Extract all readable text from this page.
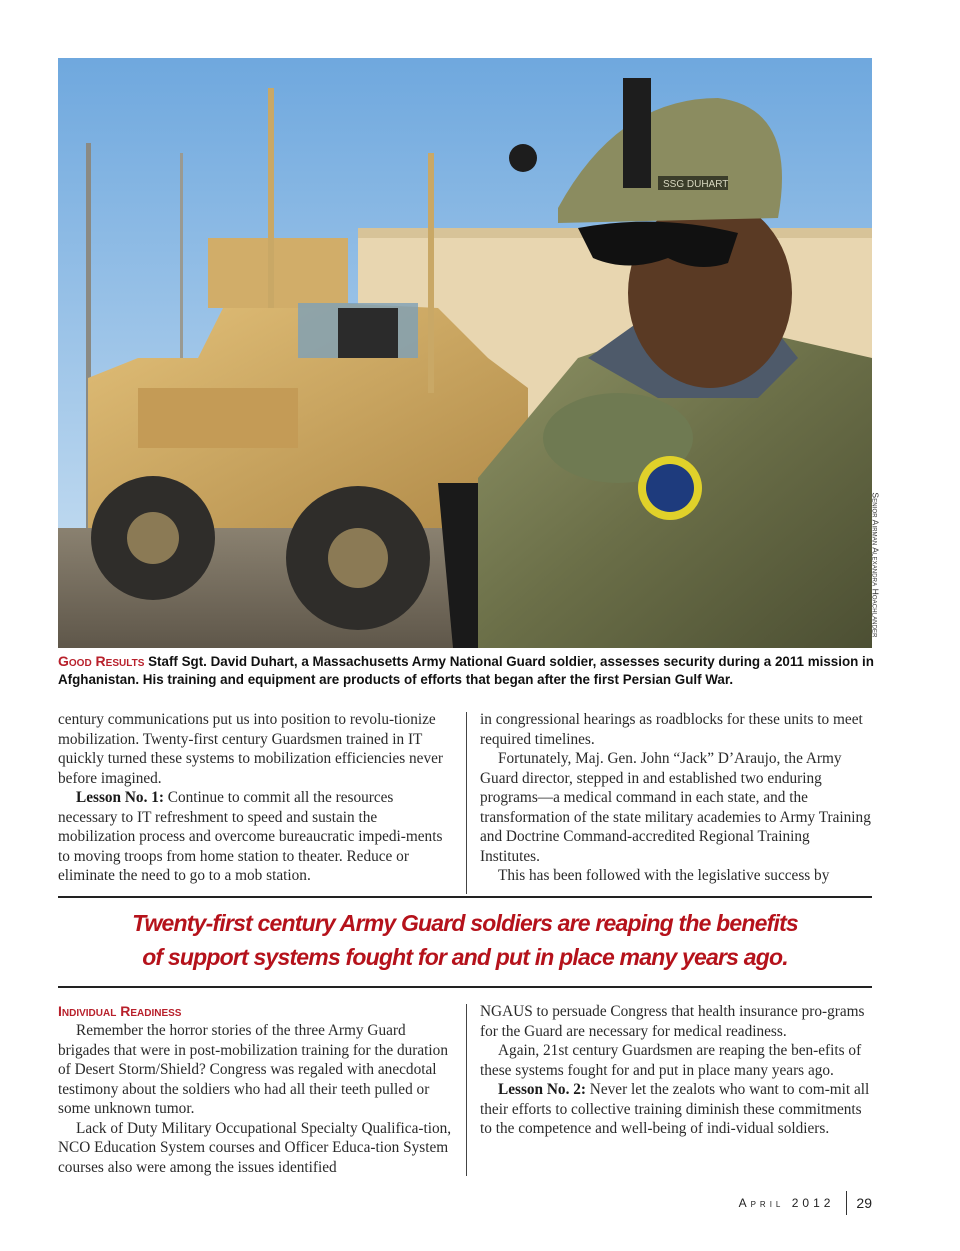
SSG DUHART
Senior Airman Alexandra Hoachlander
Good Results Staff Sgt. David Duhart, a Massachusetts Army National Guard soldier, assesses security during a 2011 mission in Afghanistan. His training and equipment are products of efforts that began after the first Persian Gulf War.

century communications put us into position to revolu-tionize mobilization. Twenty-first century Guardsmen trained in IT quickly turned these systems to mobilization efficiencies never before imagined.

Lesson No. 1: Continue to commit all the resources necessary to IT refreshment to speed and sustain the mobilization process and overcome bureaucratic impedi-ments to moving troops from home station to theater. Reduce or eliminate the need to go to a mob station.

in congressional hearings as roadblocks for these units to meet required timelines.

Fortunately, Maj. Gen. John “Jack” D’Araujo, the Army Guard director, stepped in and established two enduring programs—a medical command in each state, and the transformation of the state military academies to Army Training and Doctrine Command-accredited Regional Training Institutes.

This has been followed with the legislative success by

Twenty-first century Army Guard soldiers are reaping the benefits
of support systems fought for and put in place many years ago.
Individual Readiness

Remember the horror stories of the three Army Guard brigades that were in post-mobilization training for the duration of Desert Storm/Shield? Congress was regaled with anecdotal testimony about the soldiers who had all their teeth pulled or some unknown tumor.

Lack of Duty Military Occupational Specialty Qualifica-tion, NCO Education System courses and Officer Educa-tion System courses also were among the issues identified

NGAUS to persuade Congress that health insurance pro-grams for the Guard are necessary for medical readiness.

Again, 21st century Guardsmen are reaping the ben-efits of these systems fought for and put in place many years ago.

Lesson No. 2: Never let the zealots who want to com-mit all their efforts to collective training diminish these commitments to the competence and well-being of indi-vidual soldiers.

April 2012	29
